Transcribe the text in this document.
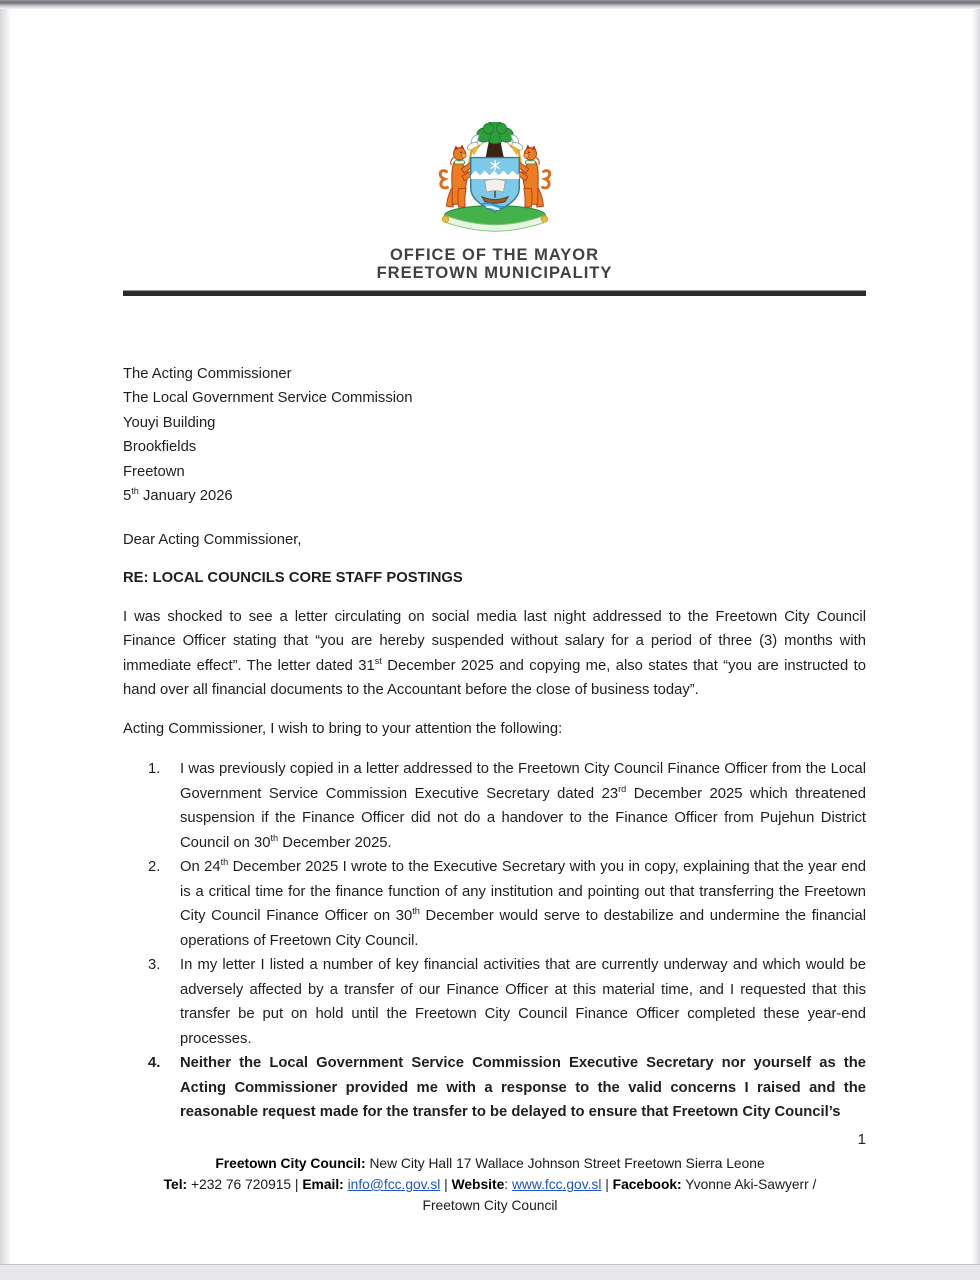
OFFICE OF THE MAYOR
FREETOWN MUNICIPALITY
The Acting Commissioner
The Local Government Service Commission
Youyi Building
Brookfields
Freetown
5th January 2026

Dear Acting Commissioner,

RE: LOCAL COUNCILS CORE STAFF POSTINGS

I was shocked to see a letter circulating on social media last night addressed to the Freetown City Council Finance Officer stating that “you are hereby suspended without salary for a period of three (3) months with immediate effect”. The letter dated 31st December 2025 and copying me, also states that “you are instructed to hand over all financial documents to the Accountant before the close of business today”.

Acting Commissioner, I wish to bring to your attention the following:

1.	I was previously copied in a letter addressed to the Freetown City Council Finance Officer from the Local Government Service Commission Executive Secretary dated 23rd December 2025 which threatened suspension if the Finance Officer did not do a handover to the Finance Officer from Pujehun District Council on 30th December 2025.
2.	On 24th December 2025 I wrote to the Executive Secretary with you in copy, explaining that the year end is a critical time for the finance function of any institution and pointing out that transferring the Freetown City Council Finance Officer on 30th December would serve to destabilize and undermine the financial operations of Freetown City Council.
3.	In my letter I listed a number of key financial activities that are currently underway and which would be adversely affected by a transfer of our Finance Officer at this material time, and I requested that this transfer be put on hold until the Freetown City Council Finance Officer completed these year-end processes.
4.	Neither the Local Government Service Commission Executive Secretary nor yourself as the Acting Commissioner provided me with a response to the valid concerns I raised and the reasonable request made for the transfer to be delayed to ensure that Freetown City Council’s
1
Freetown City Council: New City Hall 17 Wallace Johnson Street Freetown Sierra Leone
Tel: +232 76 720915 | Email: info@fcc.gov.sl | Website: www.fcc.gov.sl | Facebook: Yvonne Aki-Sawyerr /
Freetown City Council
